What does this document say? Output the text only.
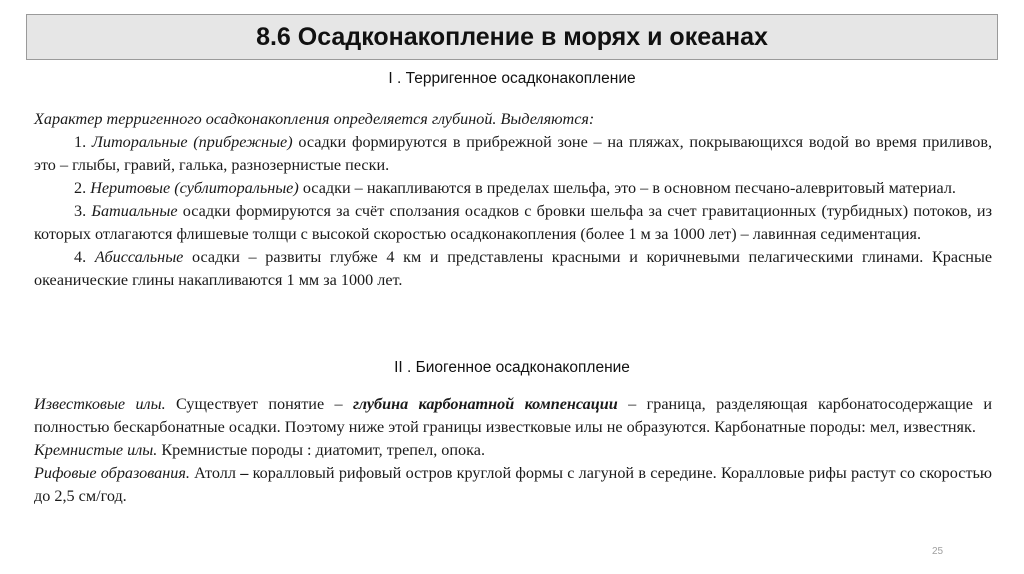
8.6 Осадконакопление в морях и океанах
I . Терригенное осадконакопление

Характер терригенного осадконакопления определяется глубиной. Выделяются:

1. Литоральные (прибрежные) осадки формируются в прибрежной зоне – на пляжах, покрывающихся водой во время приливов, это – глыбы, гравий, галька, разнозернистые пески.

2. Неритовые (сублиторальные) осадки – накапливаются в пределах шельфа, это – в основном песчано-алевритовый материал.

3. Батиальные осадки формируются за счёт сползания осадков с бровки шельфа за счет гравитационных (турбидных) потоков, из которых отлагаются флишевые толщи с высокой скоростью осадконакопления (более 1 м за 1000 лет) – лавинная седиментация.

4. Абиссальные осадки – развиты глубже 4 км и представлены красными и коричневыми пелагическими глинами. Красные океанические глины накапливаются 1 мм за 1000 лет.

II . Биогенное осадконакопление

Известковые илы. Существует понятие – глубина карбонатной компенсации – граница, разделяющая карбонатосодержащие и полностью бескарбонатные осадки. Поэтому ниже этой границы известковые илы не образуются. Карбонатные породы: мел, известняк.

Кремнистые илы. Кремнистые породы : диатомит, трепел, опока.

Рифовые образования. Атолл – коралловый рифовый остров круглой формы с лагуной в середине. Коралловые рифы растут со скоростью до 2,5 см/год.

25
